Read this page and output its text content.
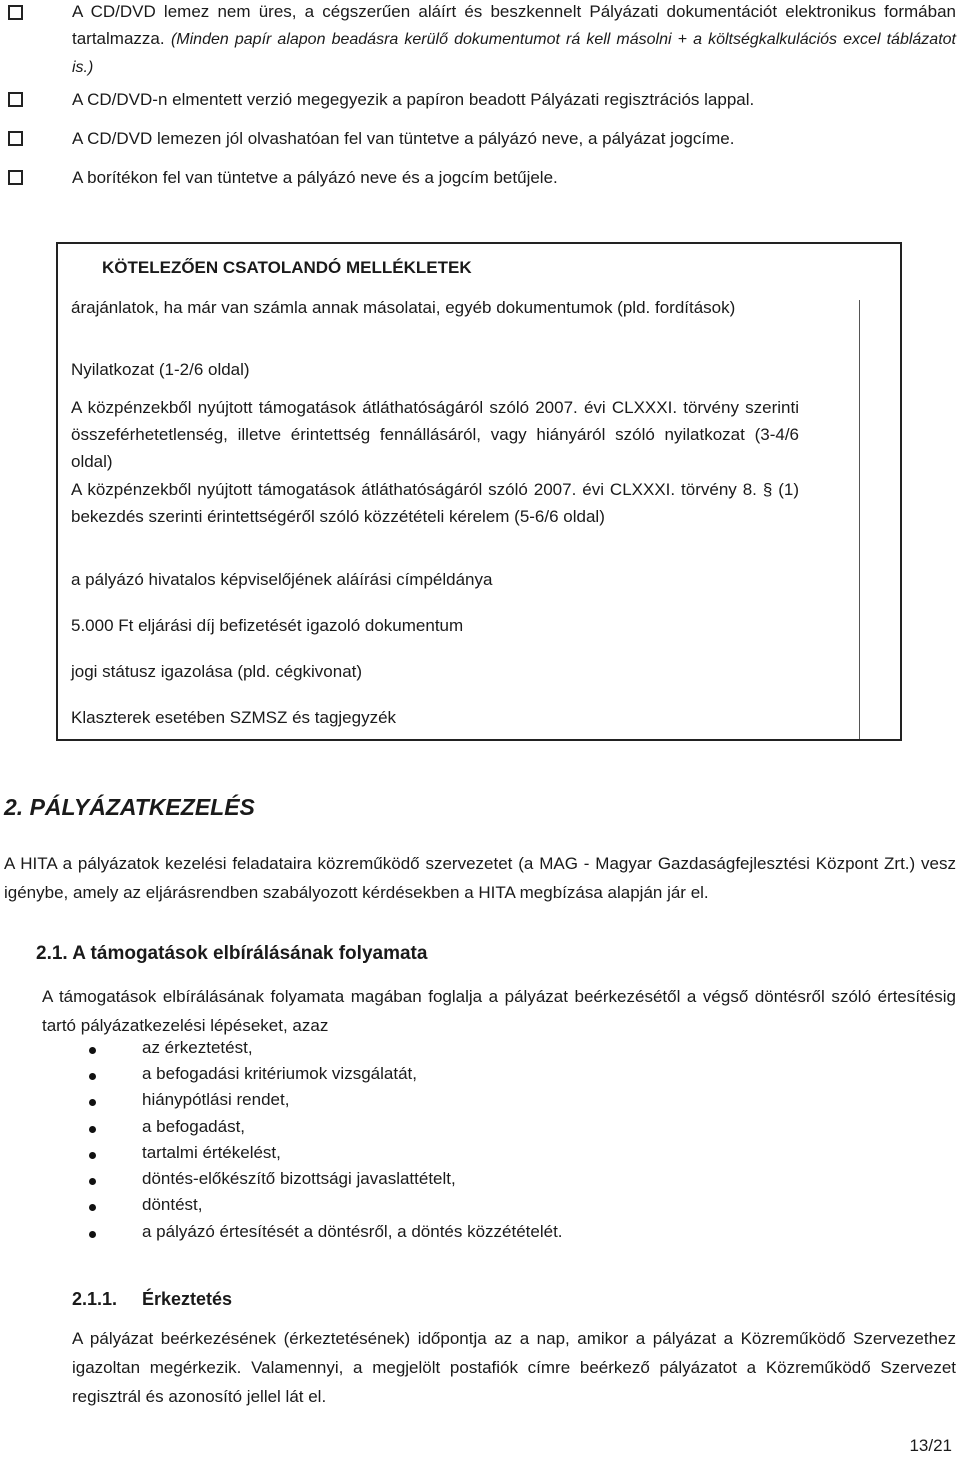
A CD/DVD lemez nem üres, a cégszerűen aláírt és beszkennelt Pályázati dokumentációt elektronikus formában tartalmazza. (Minden papír alapon beadásra kerülő dokumentumot rá kell másolni + a költségkalkulációs excel táblázatot is.)
A CD/DVD-n elmentett verzió megegyezik a papíron beadott Pályázati regisztrációs lappal.
A CD/DVD lemezen jól olvashatóan fel van tüntetve a pályázó neve, a pályázat jogcíme.
A borítékon fel van tüntetve a pályázó neve és a jogcím betűjele.
KÖTELEZŐEN CSATOLANDÓ MELLÉKLETEK
árajánlatok, ha már van számla annak másolatai, egyéb dokumentumok (pld. fordítások)
Nyilatkozat (1-2/6 oldal)
A közpénzekből nyújtott támogatások átláthatóságáról szóló 2007. évi CLXXXI. törvény szerinti összeférhetetlenség, illetve érintettség fennállásáról, vagy hiányáról szóló nyilatkozat (3-4/6 oldal)
A közpénzekből nyújtott támogatások átláthatóságáról szóló 2007. évi CLXXXI. törvény 8. § (1) bekezdés szerinti érintettségéről szóló közzétételi kérelem (5-6/6 oldal)
a pályázó hivatalos képviselőjének aláírási címpéldánya
5.000 Ft eljárási díj befizetését igazoló dokumentum
jogi státusz igazolása (pld. cégkivonat)
Klaszterek esetében SZMSZ és tagjegyzék
2. PÁLYÁZATKEZELÉS
A HITA a pályázatok kezelési feladataira közreműködő szervezetet (a MAG - Magyar Gazdaságfejlesztési Központ Zrt.) vesz igénybe, amely az eljárásrendben szabályozott kérdésekben a HITA megbízása alapján jár el.
2.1. A támogatások elbírálásának folyamata
A támogatások elbírálásának folyamata magában foglalja a pályázat beérkezésétől a végső döntésről szóló értesítésig tartó pályázatkezelési lépéseket, azaz
az érkeztetést,
a befogadási kritériumok vizsgálatát,
hiánypótlási rendet,
a befogadást,
tartalmi értékelést,
döntés-előkészítő bizottsági javaslattételt,
döntést,
a pályázó értesítését a döntésről, a döntés közzétételét.
2.1.1. Érkeztetés
A pályázat beérkezésének (érkeztetésének) időpontja az a nap, amikor a pályázat a Közreműködő Szervezethez igazoltan megérkezik. Valamennyi, a megjelölt postafiók címre beérkező pályázatot a Közreműködő Szervezet regisztrál és azonosító jellel lát el.
13/21
